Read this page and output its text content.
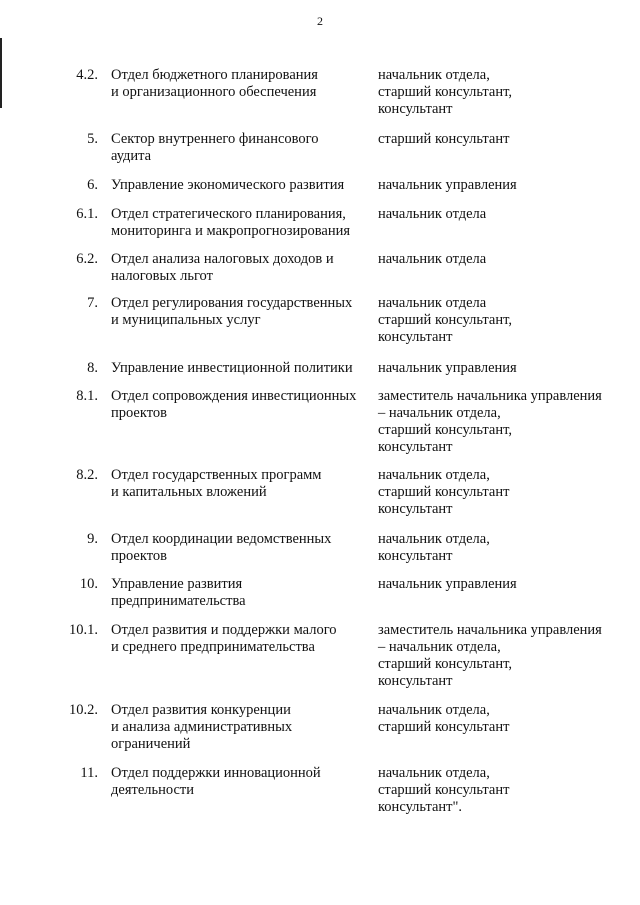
2
4.2. Отдел бюджетного планирования
и организационного обеспечения
начальник отдела,
старший консультант,
консультант
5. Сектор внутреннего финансового
аудита
старший консультант
6. Управление экономического развития	начальник управления
6.1. Отдел стратегического планирования,
мониторинга и макропрогнозирования
начальник отдела
6.2. Отдел анализа налоговых доходов и
налоговых льгот
начальник отдела
7. Отдел регулирования государственных
и муниципальных услуг
начальник отдела
старший консультант,
консультант
8. Управление инвестиционной политики	начальник управления
8.1. Отдел сопровождения инвестиционных
проектов
заместитель начальника управления
– начальник отдела,
старший консультант,
консультант
8.2. Отдел государственных программ
и капитальных вложений
начальник отдела,
старший консультант
консультант
9. Отдел координации ведомственных
проектов
начальник отдела,
консультант
10. Управление развития
предпринимательства
начальник управления
10.1. Отдел развития и поддержки малого
и среднего предпринимательства
заместитель начальника управления
– начальник отдела,
старший консультант,
консультант
10.2. Отдел развития конкуренции
и анализа административных
ограничений
начальник отдела,
старший консультант
11. Отдел поддержки инновационной
деятельности
начальник отдела,
старший консультант
консультант".
